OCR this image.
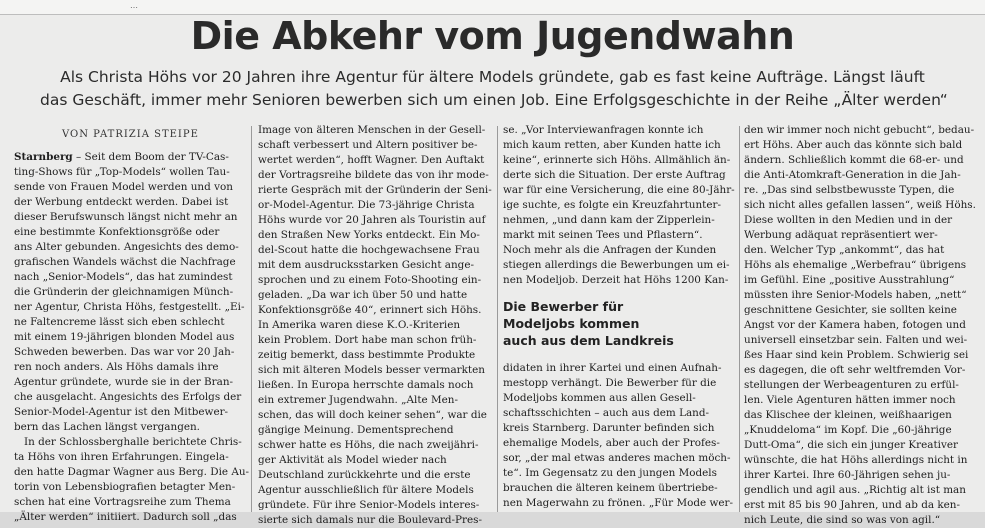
…
Die Abkehr vom Jugendwahn
Als Christa Höhs vor 20 Jahren ihre Agentur für ältere Models gründete, gab es fast keine Aufträge. Längst läuft
das Geschäft, immer mehr Senioren bewerben sich um einen Job. Eine Erfolgsgeschichte in der Reihe „Älter werden“
VON PATRIZIA STEIPE
Starnberg – Seit dem Boom der TV-Cas-
ting-Shows für „Top-Models“ wollen Tau-
sende von Frauen Model werden und von
der Werbung entdeckt werden. Dabei ist
dieser Berufswunsch längst nicht mehr an
eine bestimmte Konfektionsgröße oder
ans Alter gebunden. Angesichts des demo-
grafischen Wandels wächst die Nachfrage
nach „Senior-Models“, das hat zumindest
die Gründerin der gleichnamigen Münch-
ner Agentur, Christa Höhs, festgestellt. „Ei-
ne Faltencreme lässt sich eben schlecht
mit einem 19-jährigen blonden Model aus
Schweden bewerben. Das war vor 20 Jah-
ren noch anders. Als Höhs damals ihre
Agentur gründete, wurde sie in der Bran-
che ausgelacht. Angesichts des Erfolgs der
Senior-Model-Agentur ist den Mitbewer-
bern das Lachen längst vergangen.
In der Schlossberghalle berichtete Chris-
ta Höhs von ihren Erfahrungen. Eingela-
den hatte Dagmar Wagner aus Berg. Die Au-
torin von Lebensbiografien betagter Men-
schen hat eine Vortragsreihe zum Thema
„Älter werden“ initiiert. Dadurch soll „das
Image von älteren Menschen in der Gesell-
schaft verbessert und Altern positiver be-
wertet werden“, hofft Wagner. Den Auftakt
der Vortragsreihe bildete das von ihr mode-
rierte Gespräch mit der Gründerin der Seni-
or-Model-Agentur. Die 73-jährige Christa
Höhs wurde vor 20 Jahren als Touristin auf
den Straßen New Yorks entdeckt. Ein Mo-
del-Scout hatte die hochgewachsene Frau
mit dem ausdrucksstarken Gesicht ange-
sprochen und zu einem Foto-Shooting ein-
geladen. „Da war ich über 50 und hatte
Konfektionsgröße 40“, erinnert sich Höhs.
In Amerika waren diese K.O.-Kriterien
kein Problem. Dort habe man schon früh-
zeitig bemerkt, dass bestimmte Produkte
sich mit älteren Models besser vermarkten
ließen. In Europa herrschte damals noch
ein extremer Jugendwahn. „Alte Men-
schen, das will doch keiner sehen“, war die
gängige Meinung. Dementsprechend
schwer hatte es Höhs, die nach zweijähri-
ger Aktivität als Model wieder nach
Deutschland zurückkehrte und die erste
Agentur ausschließlich für ältere Models
gründete. Für ihre Senior-Models interes-
sierte sich damals nur die Boulevard-Pres-
se. „Vor Interviewanfragen konnte ich
mich kaum retten, aber Kunden hatte ich
keine“, erinnerte sich Höhs. Allmählich än-
derte sich die Situation. Der erste Auftrag
war für eine Versicherung, die eine 80-Jähr-
ige suchte, es folgte ein Kreuzfahrtunter-
nehmen, „und dann kam der Zipperlein-
markt mit seinen Tees und Pflastern“.
Noch mehr als die Anfragen der Kunden
stiegen allerdings die Bewerbungen um ei-
nen Modeljob. Derzeit hat Höhs 1200 Kan-
Die Bewerber für
Modeljobs kommen
auch aus dem Landkreis
didaten in ihrer Kartei und einen Aufnah-
mestopp verhängt. Die Bewerber für die
Modeljobs kommen aus allen Gesell-
schaftsschichten – auch aus dem Land-
kreis Starnberg. Darunter befinden sich
ehemalige Models, aber auch der Profes-
sor, „der mal etwas anderes machen möch-
te“. Im Gegensatz zu den jungen Models
brauchen die älteren keinem übertriebe-
nen Magerwahn zu frönen. „Für Mode wer-
den wir immer noch nicht gebucht“, bedau-
ert Höhs. Aber auch das könnte sich bald
ändern. Schließlich kommt die 68-er- und
die Anti-Atomkraft-Generation in die Jah-
re. „Das sind selbstbewusste Typen, die
sich nicht alles gefallen lassen“, weiß Höhs.
Diese wollten in den Medien und in der
Werbung adäquat repräsentiert wer-
den. Welcher Typ „ankommt“, das hat
Höhs als ehemalige „Werbefrau“ übrigens
im Gefühl. Eine „positive Ausstrahlung“
müssten ihre Senior-Models haben, „nett“
geschnittene Gesichter, sie sollten keine
Angst vor der Kamera haben, fotogen und
universell einsetzbar sein. Falten und wei-
ßes Haar sind kein Problem. Schwierig sei
es dagegen, die oft sehr weltfremden Vor-
stellungen der Werbeagenturen zu erfül-
len. Viele Agenturen hätten immer noch
das Klischee der kleinen, weißhaarigen
„Knuddeloma“ im Kopf. Die „60-jährige
Dutt-Oma“, die sich ein junger Kreativer
wünschte, die hat Höhs allerdings nicht in
ihrer Kartei. Ihre 60-Jährigen sehen ju-
gendlich und agil aus. „Richtig alt ist man
erst mit 85 bis 90 Jahren, und ab da ken-
nich Leute, die sind so was von agil.“
